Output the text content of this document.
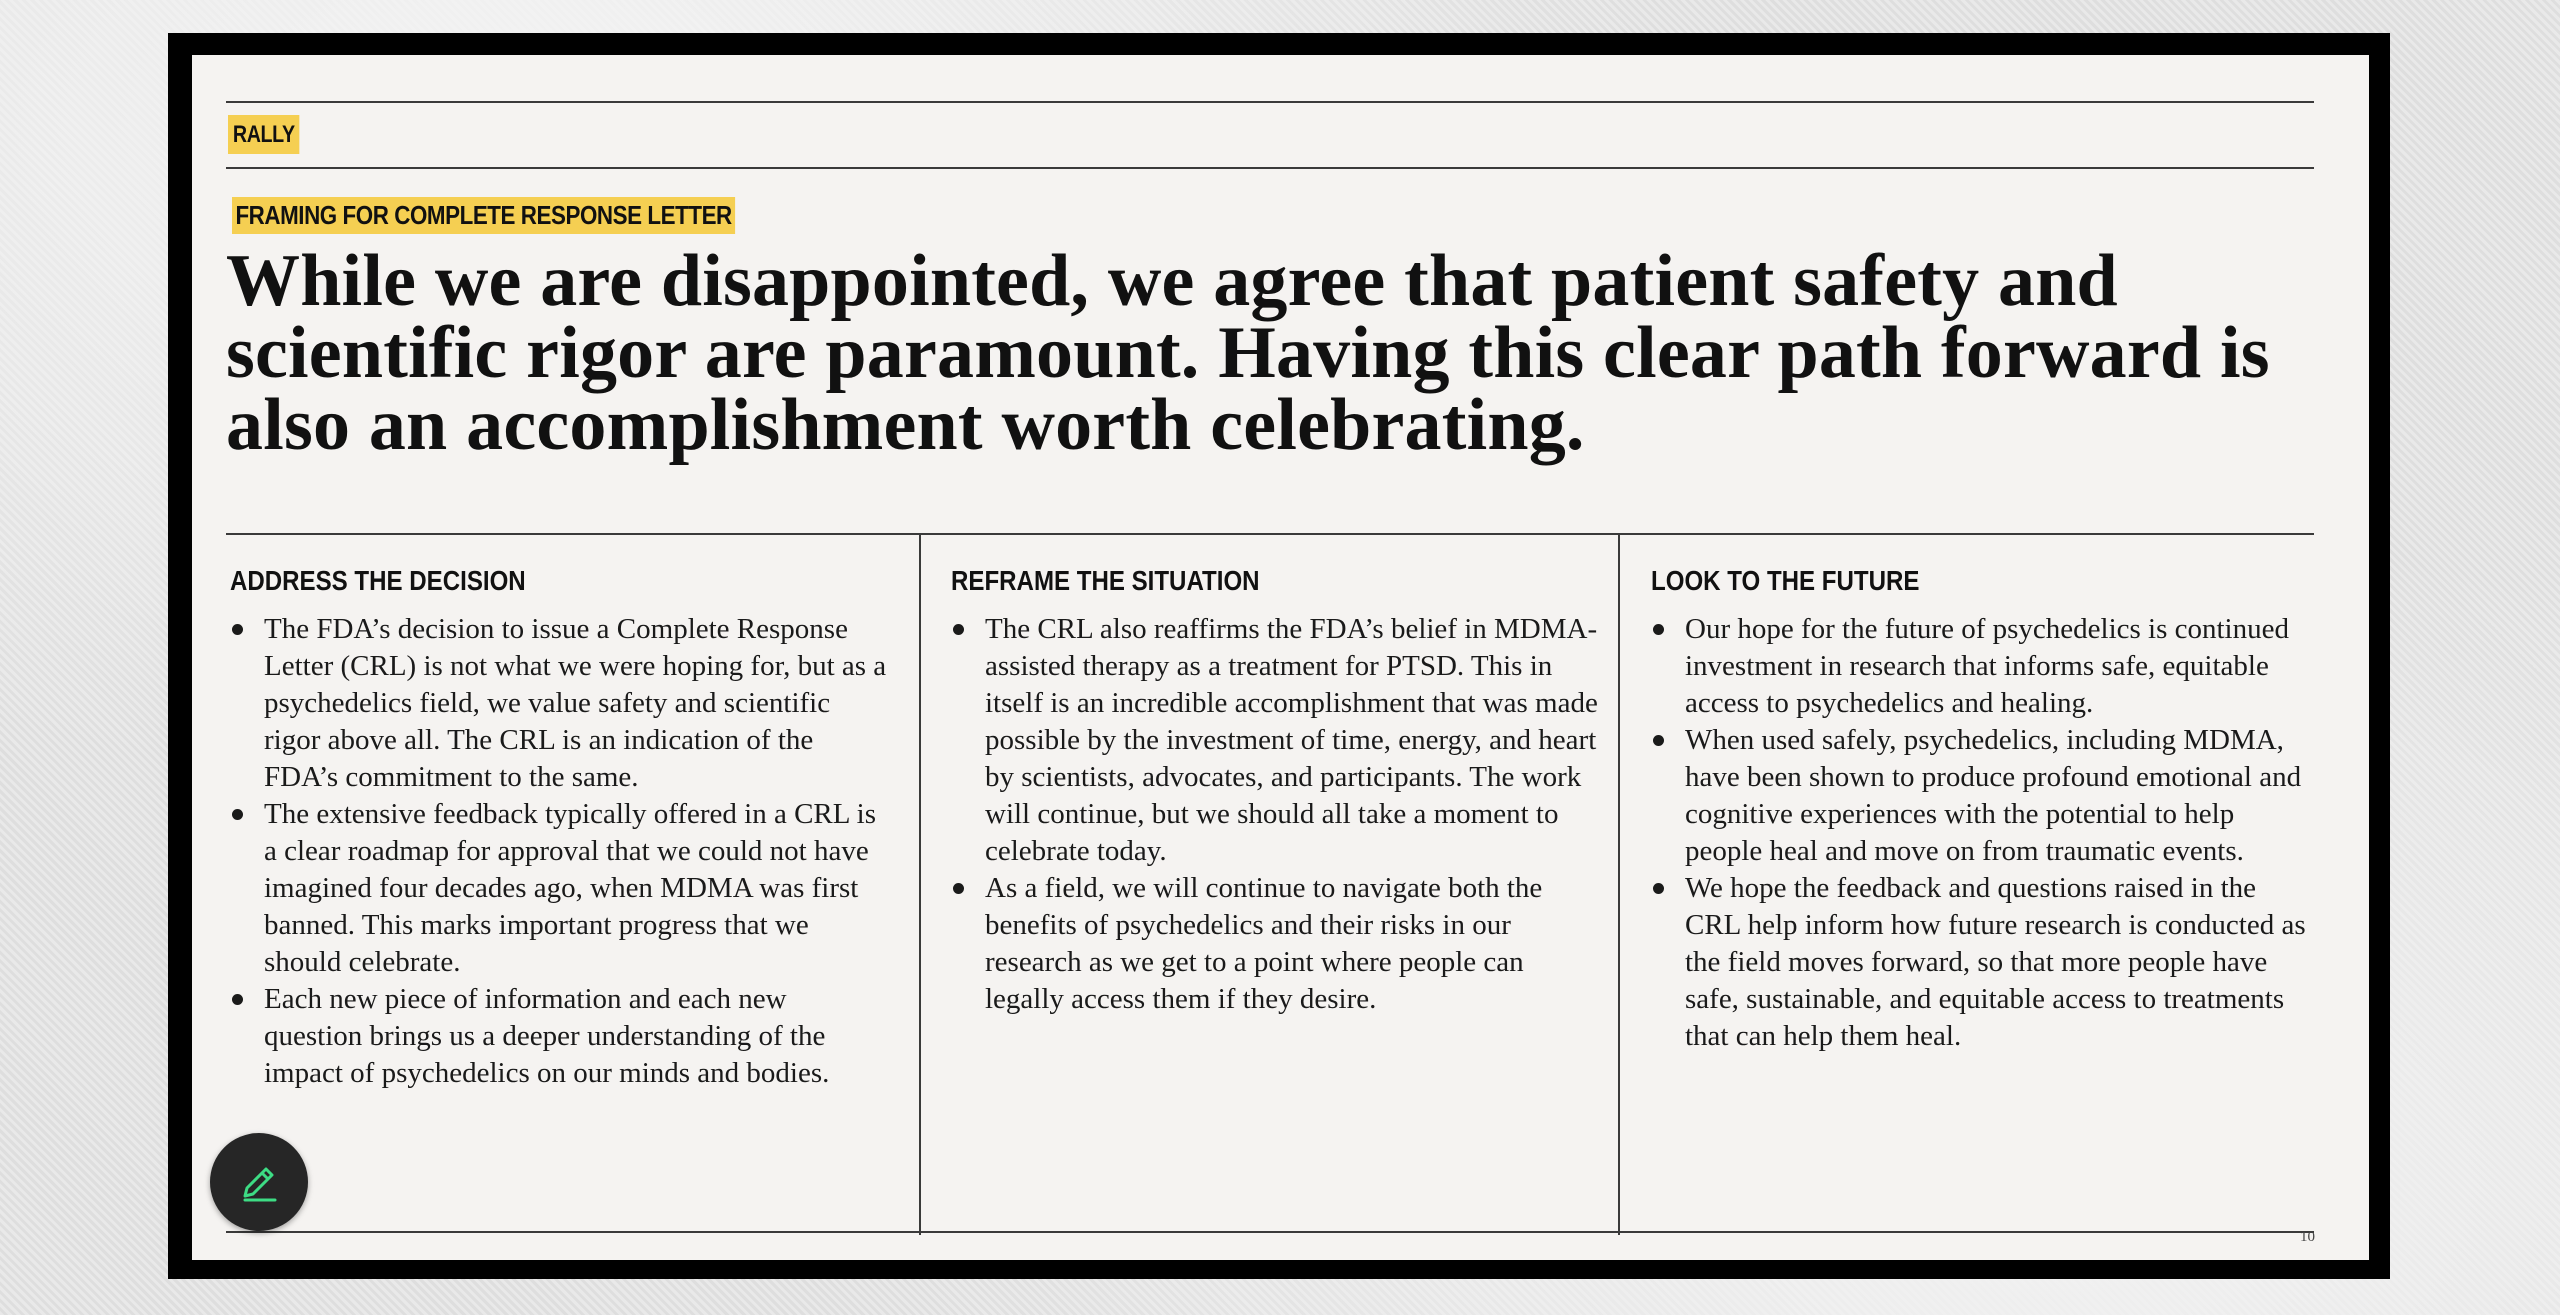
RALLY
FRAMING FOR COMPLETE RESPONSE LETTER
While we are disappointed, we agree that patient safety and scientific rigor are paramount. Having this clear path forward is also an accomplishment worth celebrating.
ADDRESS THE DECISION
The FDA’s decision to issue a Complete Response Letter (CRL) is not what we were hoping for, but as a psychedelics field, we value safety and scientific rigor above all. The CRL is an indication of the FDA’s commitment to the same.
The extensive feedback typically offered in a CRL is a clear roadmap for approval that we could not have imagined four decades ago, when MDMA was first banned. This marks important progress that we should celebrate.
Each new piece of information and each new question brings us a deeper understanding of the impact of psychedelics on our minds and bodies.
REFRAME THE SITUATION
The CRL also reaffirms the FDA’s belief in MDMA-assisted therapy as a treatment for PTSD. This in itself is an incredible accomplishment that was made possible by the investment of time, energy, and heart by scientists, advocates, and participants. The work will continue, but we should all take a moment to celebrate today.
As a field, we will continue to navigate both the benefits of psychedelics and their risks in our research as we get to a point where people can legally access them if they desire.
LOOK TO THE FUTURE
Our hope for the future of psychedelics is continued investment in research that informs safe, equitable access to psychedelics and healing.
When used safely, psychedelics, including MDMA, have been shown to produce profound emotional and cognitive experiences with the potential to help people heal and move on from traumatic events.
We hope the feedback and questions raised in the CRL help inform how future research is conducted as the field moves forward, so that more people have safe, sustainable, and equitable access to treatments that can help them heal.
10
